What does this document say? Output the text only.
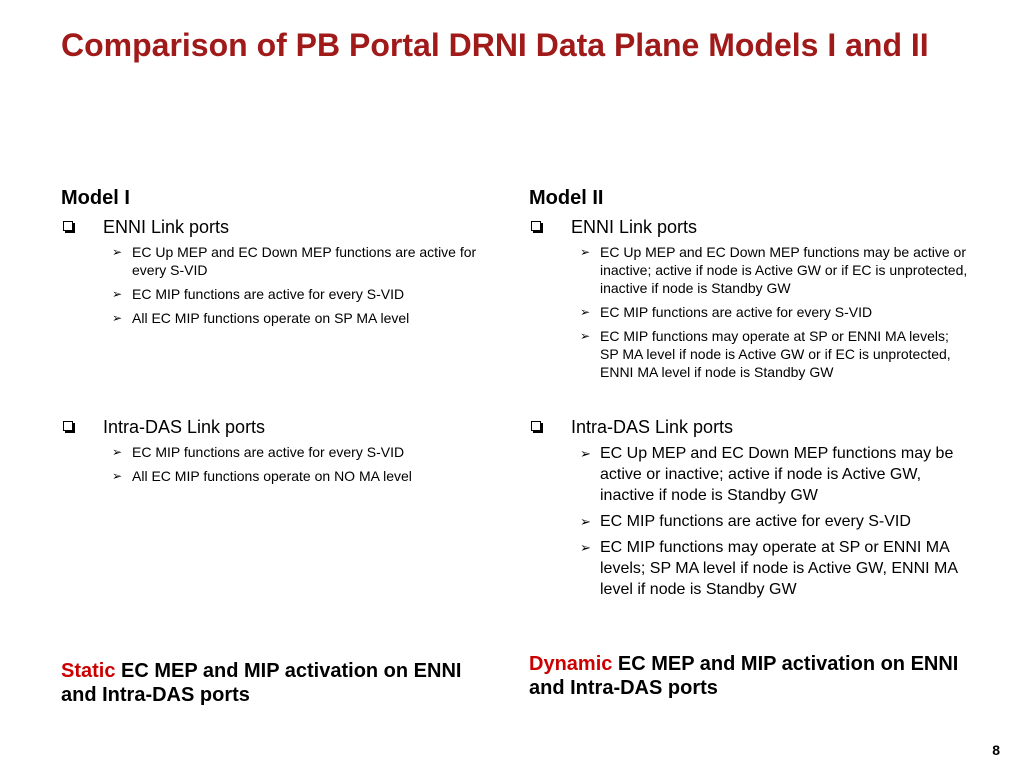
Comparison of PB Portal DRNI Data Plane Models I and II
Model I
ENNI Link ports
➢ EC Up MEP and EC Down MEP functions are active for every S-VID
➢ EC MIP functions are active for every S-VID
➢ All EC MIP functions operate on SP MA level
Intra-DAS Link ports
➢ EC MIP functions are active for every S-VID
➢ All EC MIP functions operate on NO MA level
Static EC MEP and MIP activation on ENNI and Intra-DAS ports
Model II
ENNI Link ports
➢ EC Up MEP and EC Down MEP functions may be active or inactive; active if node is Active GW or if EC is unprotected, inactive if node is Standby GW
➢ EC MIP functions are active for every S-VID
➢ EC MIP functions may operate at SP or ENNI MA levels; SP MA level if node is Active GW or if EC is unprotected, ENNI MA level if node is Standby GW
Intra-DAS Link ports
➢ EC Up MEP and EC Down MEP functions may be active or inactive; active if node is Active GW, inactive if node is Standby GW
➢ EC MIP functions are active for every S-VID
➢ EC MIP functions may operate at SP or ENNI MA levels; SP MA level if node is Active GW, ENNI MA level if node is Standby GW
Dynamic EC MEP and MIP activation on ENNI and Intra-DAS ports
8
